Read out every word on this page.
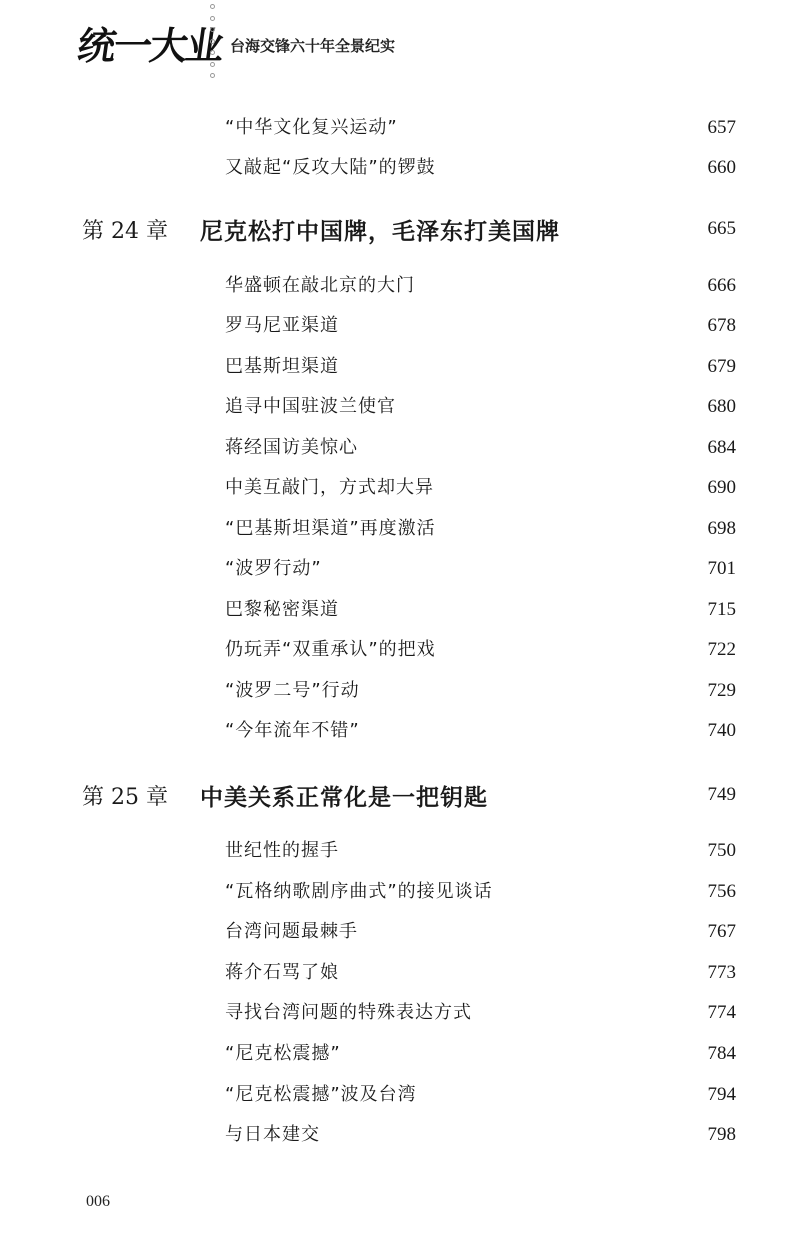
统一大业 台海交锋六十年全景纪实
“中华文化复兴运动”	657
又敲起“反攻大陆”的锣鼓	660
第 24 章 尼克松打中国牌，毛泽东打美国牌	665
华盛顿在敲北京的大门	666
罗马尼亚渠道	678
巴基斯坦渠道	679
追寻中国驻波兰使官	680
蒋经国访美惊心	684
中美互敲门，方式却大异	690
“巴基斯坦渠道”再度激活	698
“波罗行动”	701
巴黎秘密渠道	715
仍玩弄“双重承认”的把戏	722
“波罗二号”行动	729
“今年流年不错”	740
第 25 章 中美关系正常化是一把钥匙	749
世纪性的握手	750
“瓦格纳歌剧序曲式”的接见谈话	756
台湾问题最棘手	767
蒋介石骂了娘	773
寻找台湾问题的特殊表达方式	774
“尼克松震撼”	784
“尼克松震撼”波及台湾	794
与日本建交	798
006
